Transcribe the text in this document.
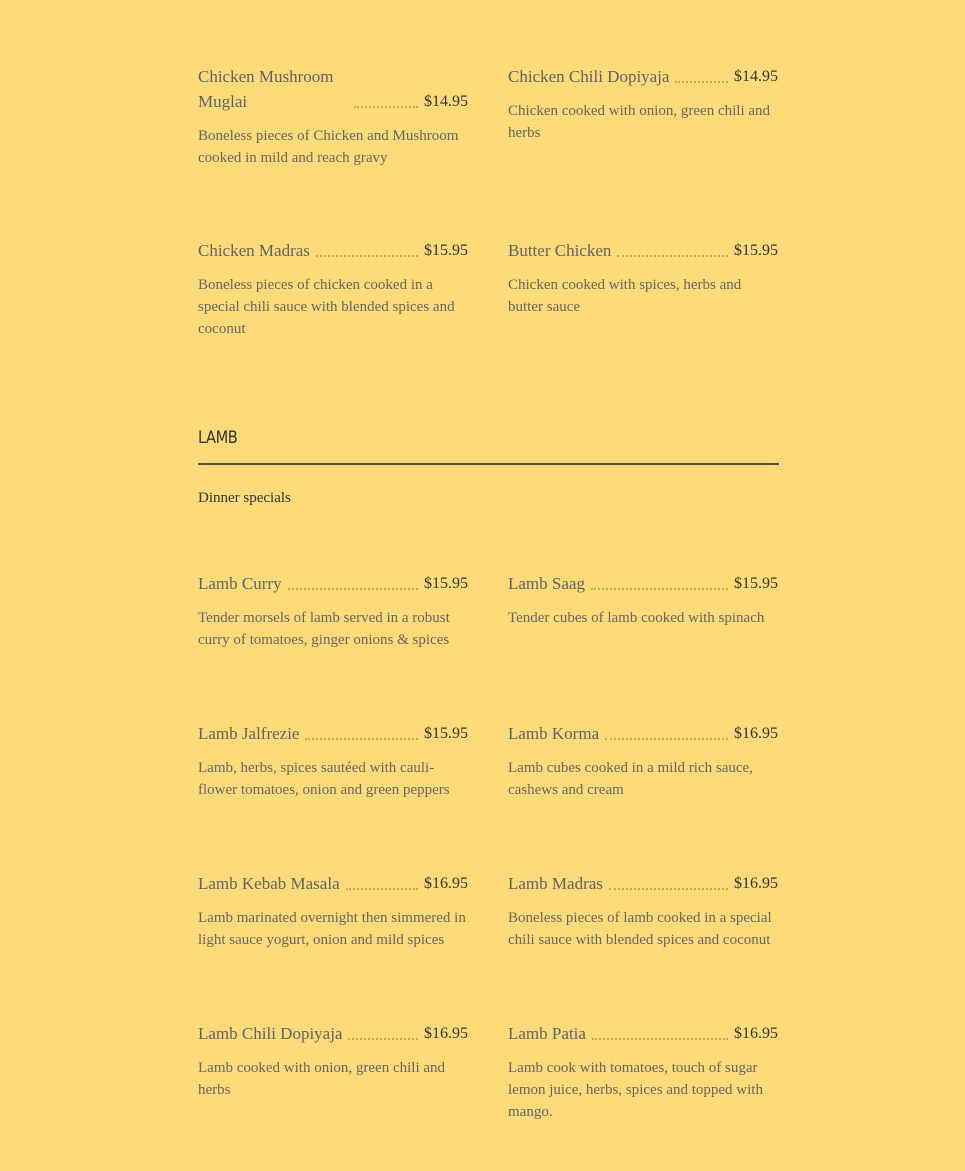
Chicken Mushroom Muglai	$14.95
Boneless pieces of Chicken and Mushroom cooked in mild and reach gravy
Chicken Chili Dopiyaja	$14.95
Chicken cooked with onion, green chili and herbs
Chicken Madras	$15.95
Boneless pieces of chicken cooked in a special chili sauce with blended spices and coconut
Butter Chicken	$15.95
Chicken cooked with spices, herbs and butter sauce
LAMB
Dinner specials
Lamb Curry	$15.95
Tender morsels of lamb served in a robust curry of tomatoes, ginger onions & spices
Lamb Saag	$15.95
Tender cubes of lamb cooked with spinach
Lamb Jalfrezie	$15.95
Lamb, herbs, spices sautéed with cauli-flower tomatoes, onion and green peppers
Lamb Korma	$16.95
Lamb cubes cooked in a mild rich sauce, cashews and cream
Lamb Kebab Masala	$16.95
Lamb marinated overnight then simmered in light sauce yogurt, onion and mild spices
Lamb Madras	$16.95
Boneless pieces of lamb cooked in a special chili sauce with blended spices and coconut
Lamb Chili Dopiyaja	$16.95
Lamb cooked with onion, green chili and herbs
Lamb Patia	$16.95
Lamb cook with tomatoes, touch of sugar lemon juice, herbs, spices and topped with mango.
